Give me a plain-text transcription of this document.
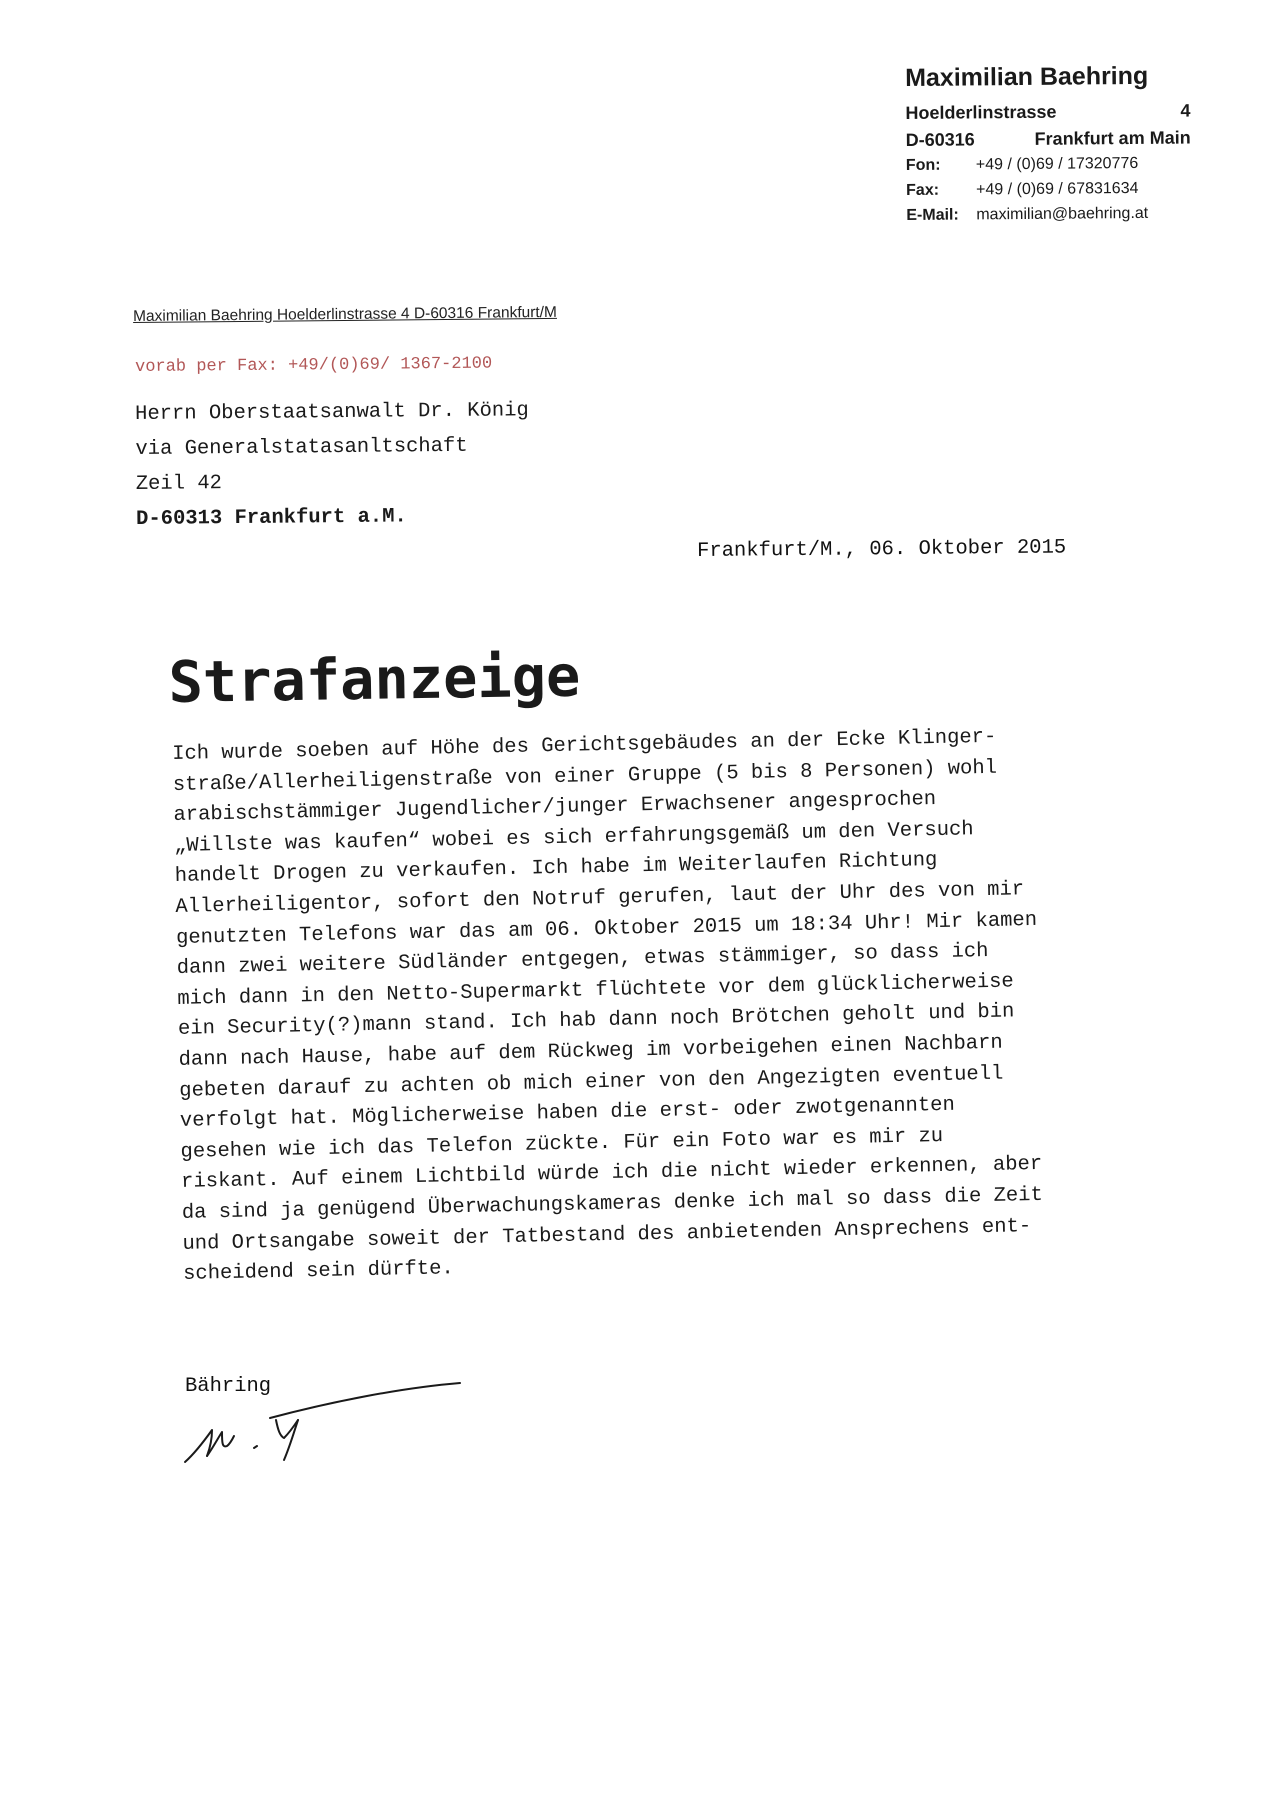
Maximilian Baehring
Hoelderlinstrasse	4
D-60316	Frankfurt am Main
Fon:	+49 / (0)69 / 17320776
Fax:	+49 / (0)69 / 67831634
E-Mail:	maximilian@baehring.at
Maximilian Baehring Hoelderlinstrasse 4 D-60316 Frankfurt/M
vorab per Fax: +49/(0)69/ 1367-2100
Herrn Oberstaatsanwalt Dr. König
via Generalstatasanltschaft
Zeil 42
D-60313 Frankfurt a.M.
Frankfurt/M., 06. Oktober 2015
Strafanzeige
Ich wurde soeben auf Höhe des Gerichtsgebäudes an der Ecke Klinger-
straße/Allerheiligenstraße von einer Gruppe (5 bis 8 Personen) wohl
arabischstämmiger Jugendlicher/junger Erwachsener angesprochen
„Willste was kaufen“ wobei es sich erfahrungsgemäß um den Versuch
handelt Drogen zu verkaufen. Ich habe im Weiterlaufen Richtung
Allerheiligentor, sofort den Notruf gerufen, laut der Uhr des von mir
genutzten Telefons war das am 06. Oktober 2015 um 18:34 Uhr! Mir kamen
dann zwei weitere Südländer entgegen, etwas stämmiger, so dass ich
mich dann in den Netto-Supermarkt flüchtete vor dem glücklicherweise
ein Security(?)mann stand. Ich hab dann noch Brötchen geholt und bin
dann nach Hause, habe auf dem Rückweg im vorbeigehen einen Nachbarn
gebeten darauf zu achten ob mich einer von den Angezigten eventuell
verfolgt hat. Möglicherweise haben die erst- oder zwotgenannten
gesehen wie ich das Telefon zückte. Für ein Foto war es mir zu
riskant. Auf einem Lichtbild würde ich die nicht wieder erkennen, aber
da sind ja genügend Überwachungskameras denke ich mal so dass die Zeit
und Ortsangabe soweit der Tatbestand des anbietenden Ansprechens ent-
scheidend sein dürfte.
Bähring
